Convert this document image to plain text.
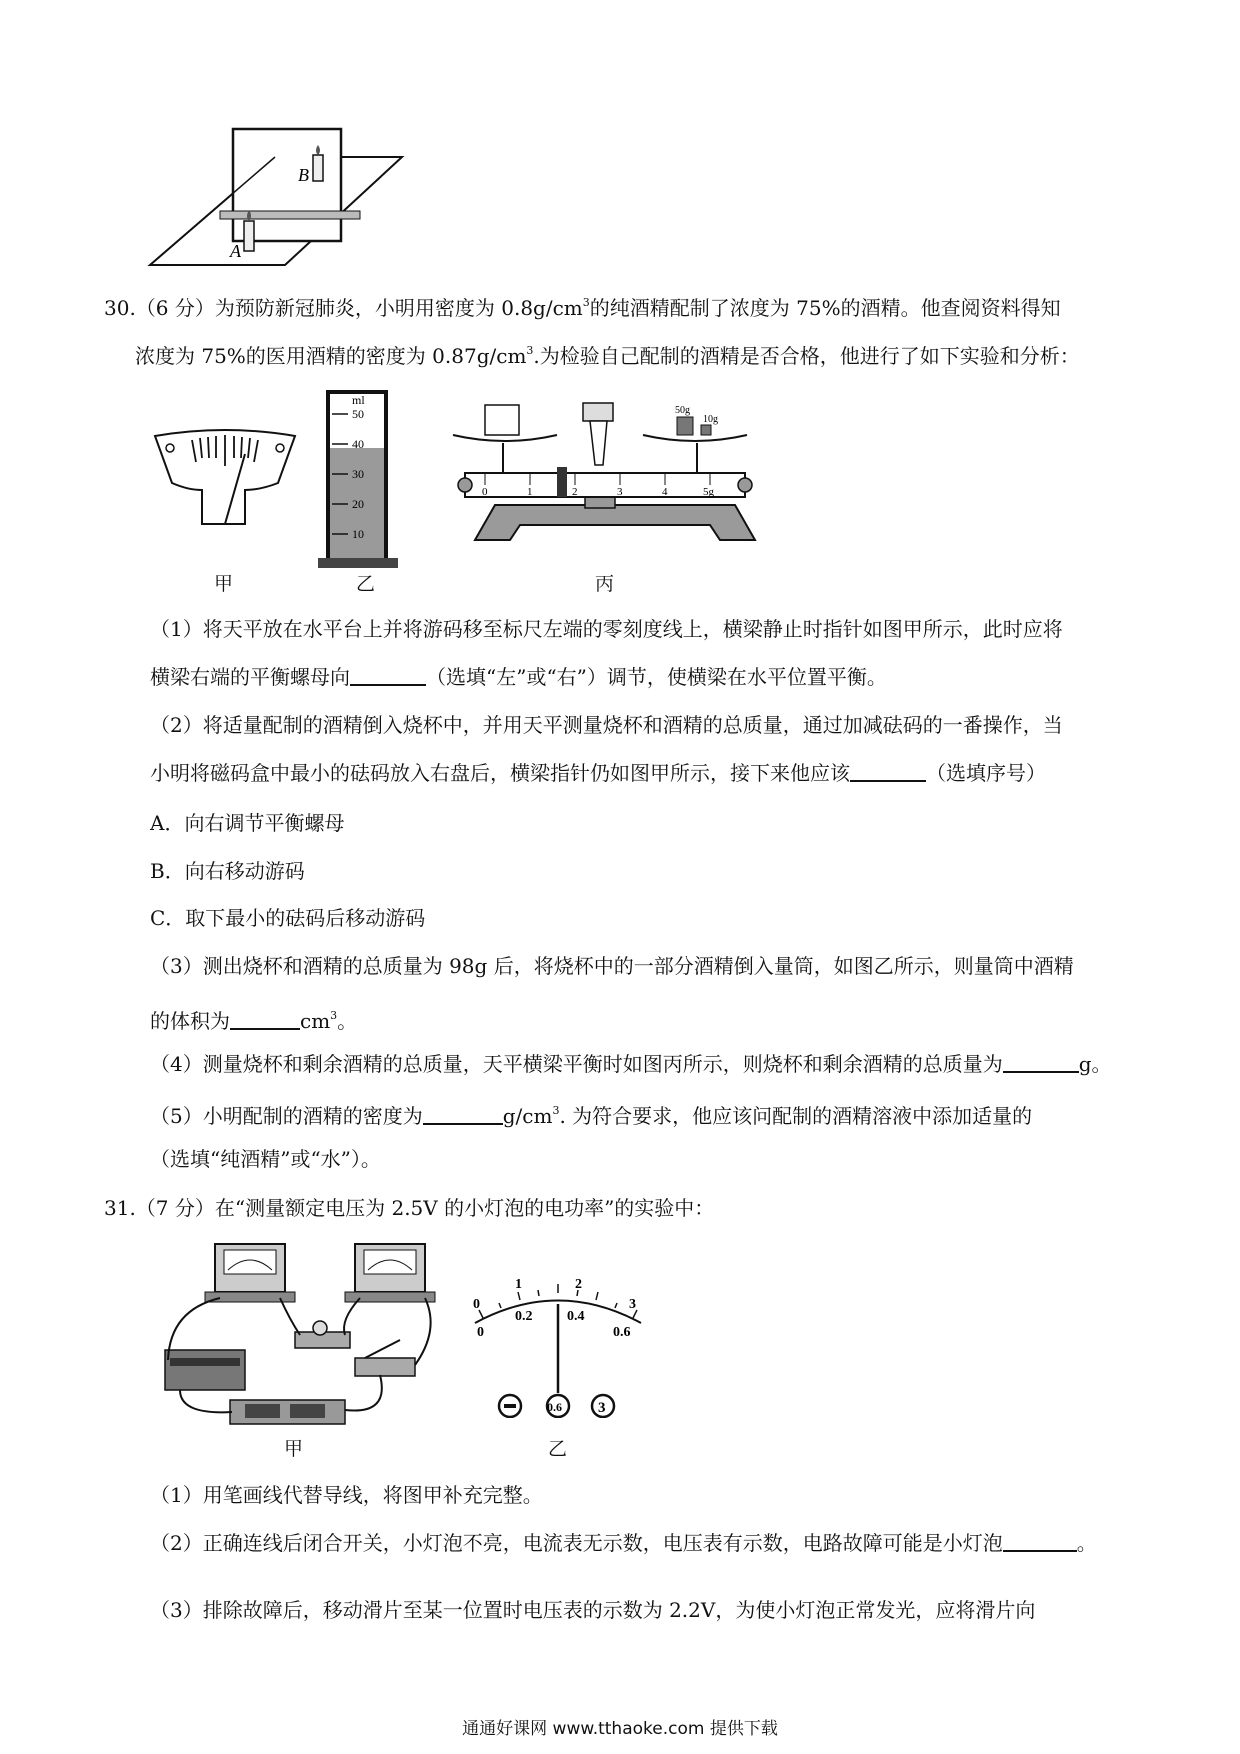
B
A
30.（6 分）为预防新冠肺炎，小明用密度为 $0.8g/cm^3$的纯酒精配制了浓度为 75%的酒精。他查阅资料得知
浓度为 75%的医用酒精的密度为 $0.87g/cm^3$.为检验自己配制的酒精是否合格，他进行了如下实验和分析：
ml
50
40
30
20
10
50g
10g
0	1	2	3	4	5g
甲	乙	丙
（1）将天平放在水平台上并将游码移至标尺左端的零刻度线上，横梁静止时指针如图甲所示，此时应将
横梁右端的平衡螺母向	（选填“左”或“右”）调节，使横梁在水平位置平衡。
（2）将适量配制的酒精倒入烧杯中，并用天平测量烧杯和酒精的总质量，通过加减砝码的一番操作，当
小明将磁码盒中最小的砝码放入右盘后，横梁指针仍如图甲所示，接下来他应该	（选填序号）
A．向右调节平衡螺母
B．向右移动游码
C．取下最小的砝码后移动游码
（3）测出烧杯和酒精的总质量为 98g 后，将烧杯中的一部分酒精倒入量筒，如图乙所示，则量筒中酒精
的体积为	$cm^3$。
（4）测量烧杯和剩余酒精的总质量，天平横梁平衡时如图丙所示，则烧杯和剩余酒精的总质量为	g。
（5）小明配制的酒精的密度为	$g/cm^3$. 为符合要求，他应该问配制的酒精溶液中添加适量的
（选填“纯酒精”或“水”）。
31.（7 分）在“测量额定电压为 2.5V 的小灯泡的电功率”的实验中：
0
1	2
3
0
0.2 0.4
0.6
0.6 3
甲	乙
（1）用笔画线代替导线，将图甲补充完整。
（2）正确连线后闭合开关，小灯泡不亮，电流表无示数，电压表有示数，电路故障可能是小灯泡	。
（3）排除故障后，移动滑片至某一位置时电压表的示数为 2.2V，为使小灯泡正常发光，应将滑片向
通通好课网 www.tthaoke.com 提供下载
